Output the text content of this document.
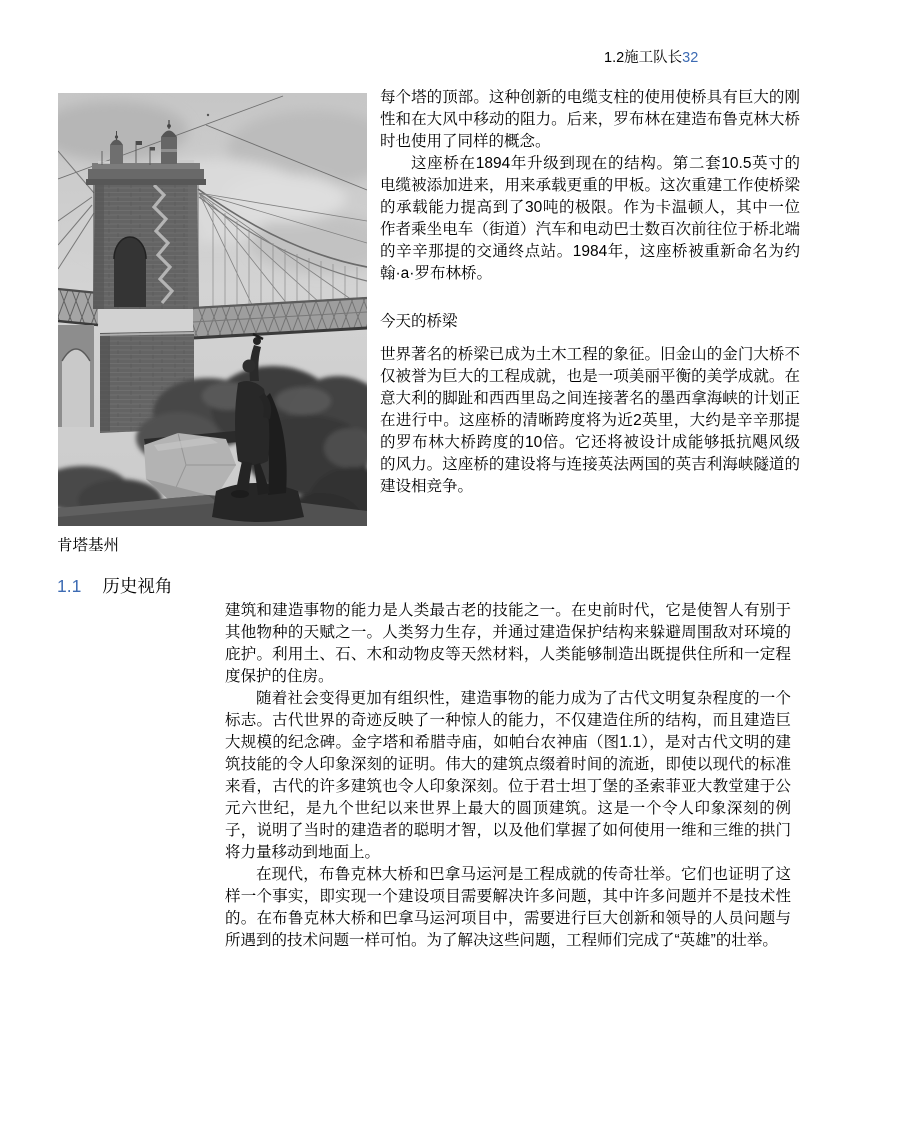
1.2施工队长32
肯塔基州

每个塔的顶部。这种创新的电缆支柱的使用使桥具有巨大的刚性和在大风中移动的阻力。后来，罗布林在建造布鲁克林大桥时也使用了同样的概念。

这座桥在1894年升级到现在的结构。第二套10.5英寸的电缆被添加进来，用来承载更重的甲板。这次重建工作使桥梁的承载能力提高到了30吨的极限。作为卡温顿人，其中一位作者乘坐电车（街道）汽车和电动巴士数百次前往位于桥北端的辛辛那提的交通终点站。1984年，这座桥被重新命名为约翰·a·罗布林桥。

今天的桥梁

世界著名的桥梁已成为土木工程的象征。旧金山的金门大桥不仅被誉为巨大的工程成就，也是一项美丽平衡的美学成就。在意大利的脚趾和西西里岛之间连接著名的墨西拿海峡的计划正在进行中。这座桥的清晰跨度将为近2英里，大约是辛辛那提的罗布林大桥跨度的10倍。它还将被设计成能够抵抗飓风级的风力。这座桥的建设将与连接英法两国的英吉利海峡隧道的建设相竞争。

1.1 历史视角

建筑和建造事物的能力是人类最古老的技能之一。在史前时代，它是使智人有别于其他物种的天赋之一。人类努力生存，并通过建造保护结构来躲避周围敌对环境的庇护。利用土、石、木和动物皮等天然材料，人类能够制造出既提供住所和一定程度保护的住房。

随着社会变得更加有组织性，建造事物的能力成为了古代文明复杂程度的一个标志。古代世界的奇迹反映了一种惊人的能力，不仅建造住所的结构，而且建造巨大规模的纪念碑。金字塔和希腊寺庙，如帕台农神庙（图1.1），是对古代文明的建筑技能的令人印象深刻的证明。伟大的建筑点缀着时间的流逝，即使以现代的标准来看，古代的许多建筑也令人印象深刻。位于君士坦丁堡的圣索菲亚大教堂建于公元六世纪，是九个世纪以来世界上最大的圆顶建筑。这是一个令人印象深刻的例子，说明了当时的建造者的聪明才智，以及他们掌握了如何使用一维和三维的拱门将力量移动到地面上。

在现代，布鲁克林大桥和巴拿马运河是工程成就的传奇壮举。它们也证明了这样一个事实，即实现一个建设项目需要解决许多问题，其中许多问题并不是技术性的。在布鲁克林大桥和巴拿马运河项目中，需要进行巨大创新和领导的人员问题与所遇到的技术问题一样可怕。为了解决这些问题，工程师们完成了“英雄”的壮举。
